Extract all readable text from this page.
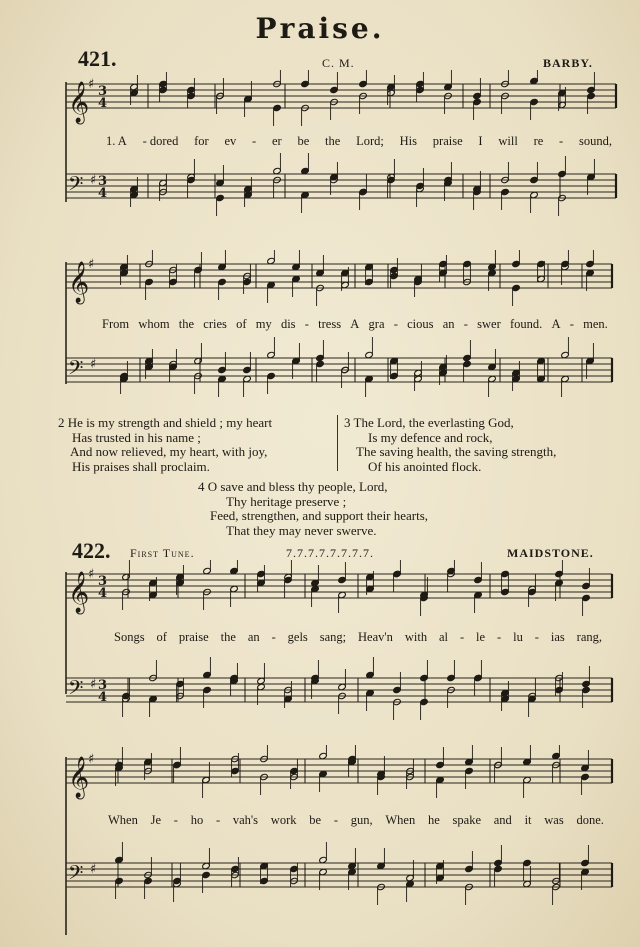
Praise.
421.	C. M.	BARBY.
𝄞
♯ 3
4
𝄢 ♯ 3
4
1. A - dored for ev - er be the Lord; His praise I will re - sound,
𝄞
♯
𝄢 ♯
From whom the cries of my dis - tress A gra - cious an - swer found. A - men.
2 He is my strength and shield ; my heart
Has trusted in his name ;
And now relieved, my heart, with joy,
His praises shall proclaim.
3 The Lord, the everlasting God,
Is my defence and rock,
The saving health, the saving strength,
Of his anointed flock.
4 O save and bless thy people, Lord,
Thy heritage preserve ;
Feed, strengthen, and support their hearts,
That they may never swerve.
422. First Tune.	7.7.7.7.7.7.7.7.	MAIDSTONE.
𝄞
♯ 3
4
𝄢 ♯ 3
4
Songs of praise the an - gels sang; Heav'n with al - le - lu - ias rang,
𝄞
♯
𝄢 ♯
When Je - ho - vah's work be - gun, When he spake and it was done.
